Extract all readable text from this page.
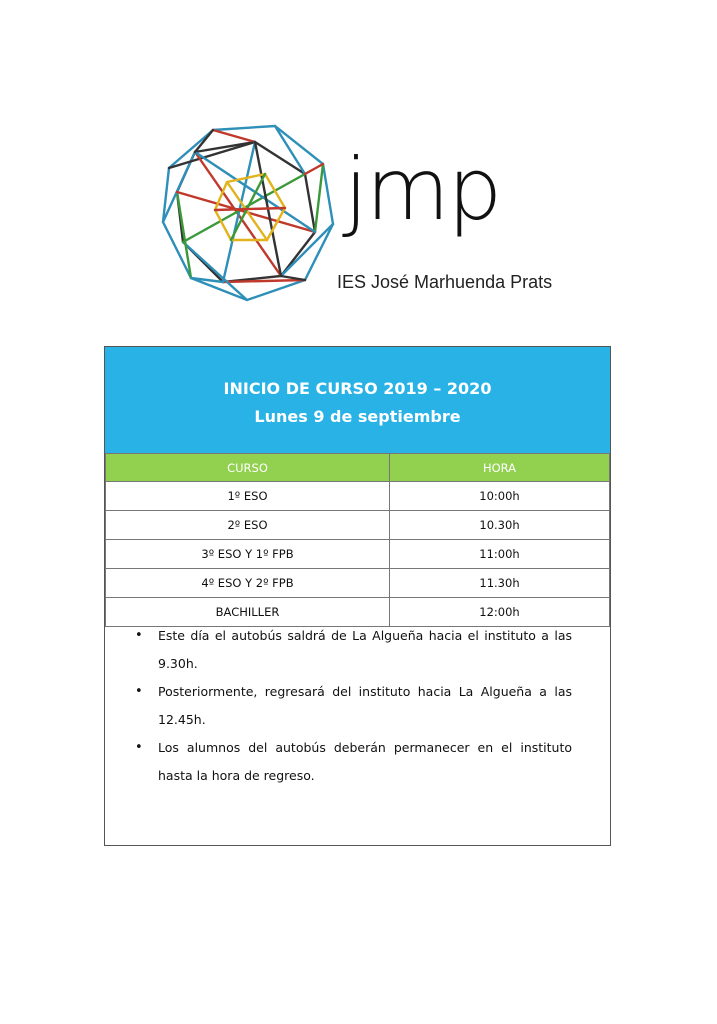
jmp
IES José Marhuenda Prats
INICIO DE CURSO 2019 – 2020
Lunes 9 de septiembre
CURSO	HORA
1º ESO	10:00h
2º ESO	10.30h
3º ESO Y 1º FPB	11:00h
4º ESO Y 2º FPB	11.30h
BACHILLER	12:00h
• Este día el autobús saldrá de La Algueña hacia el instituto a las 9.30h.
• Posteriormente, regresará del instituto hacia La Algueña a las 12.45h.
• Los alumnos del autobús deberán permanecer en el instituto hasta la hora de regreso.
